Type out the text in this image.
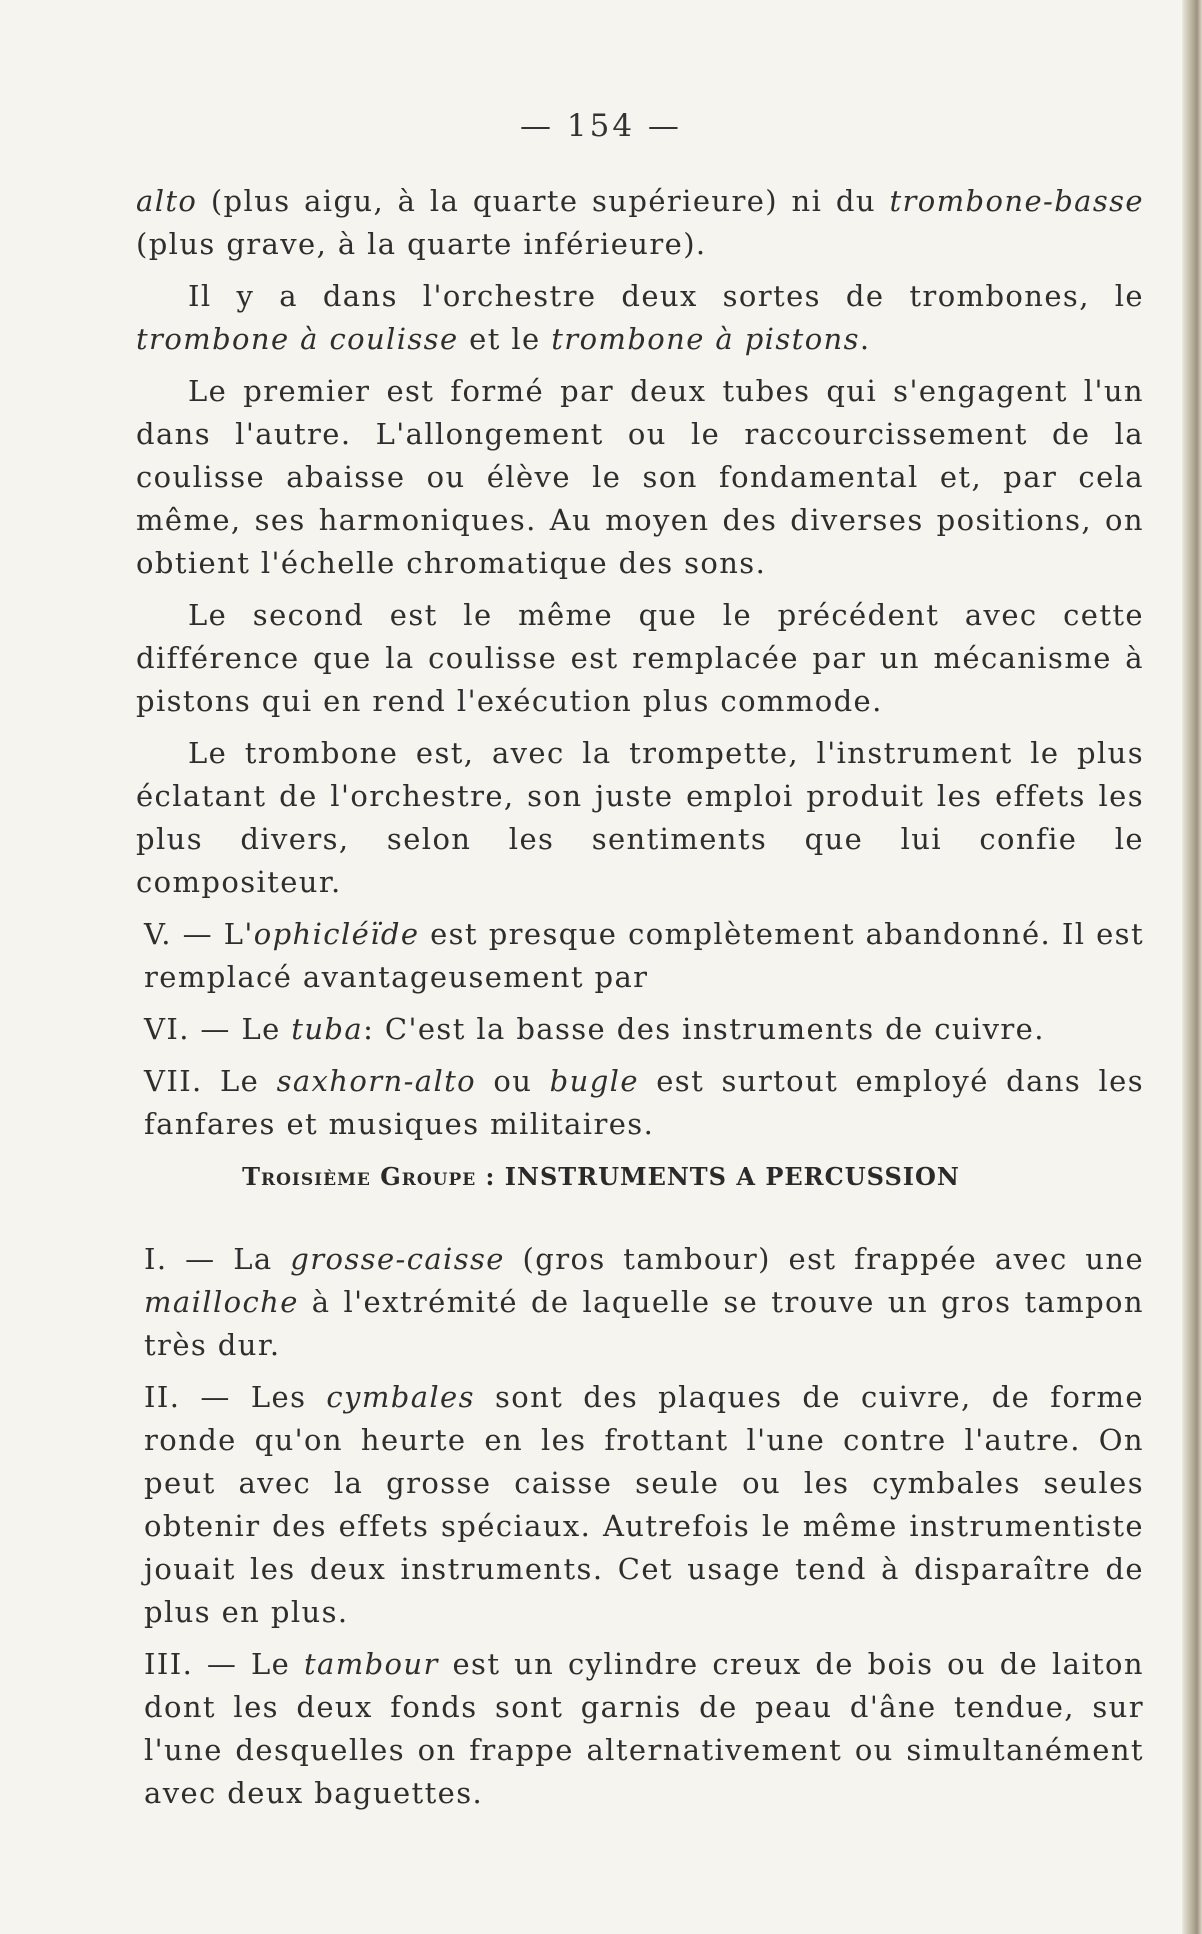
— 154 —

alto (plus aigu, à la quarte supérieure) ni du trombone-basse (plus grave, à la quarte inférieure).

Il y a dans l'orchestre deux sortes de trombones, le trombone à coulisse et le trombone à pistons.

Le premier est formé par deux tubes qui s'engagent l'un dans l'autre. L'allongement ou le raccourcissement de la coulisse abaisse ou élève le son fondamental et, par cela même, ses harmoniques. Au moyen des diverses positions, on obtient l'échelle chromatique des sons.

Le second est le même que le précédent avec cette différence que la coulisse est remplacée par un mécanisme à pistons qui en rend l'exécution plus commode.

Le trombone est, avec la trompette, l'instrument le plus éclatant de l'orchestre, son juste emploi produit les effets les plus divers, selon les sentiments que lui confie le compositeur.

V. — L'ophicléïde est presque complètement abandonné. Il est remplacé avantageusement par

VI. — Le tuba: C'est la basse des instruments de cuivre.

VII. Le saxhorn-alto ou bugle est surtout employé dans les fanfares et musiques militaires.

Troisième Groupe : INSTRUMENTS A PERCUSSION

I. — La grosse-caisse (gros tambour) est frappée avec une mailloche à l'extrémité de laquelle se trouve un gros tampon très dur.

II. — Les cymbales sont des plaques de cuivre, de forme ronde qu'on heurte en les frottant l'une contre l'autre. On peut avec la grosse caisse seule ou les cymbales seules obtenir des effets spéciaux. Autrefois le même instrumentiste jouait les deux instruments. Cet usage tend à disparaître de plus en plus.

III. — Le tambour est un cylindre creux de bois ou de laiton dont les deux fonds sont garnis de peau d'âne tendue, sur l'une desquelles on frappe alternativement ou simultanément avec deux baguettes.
